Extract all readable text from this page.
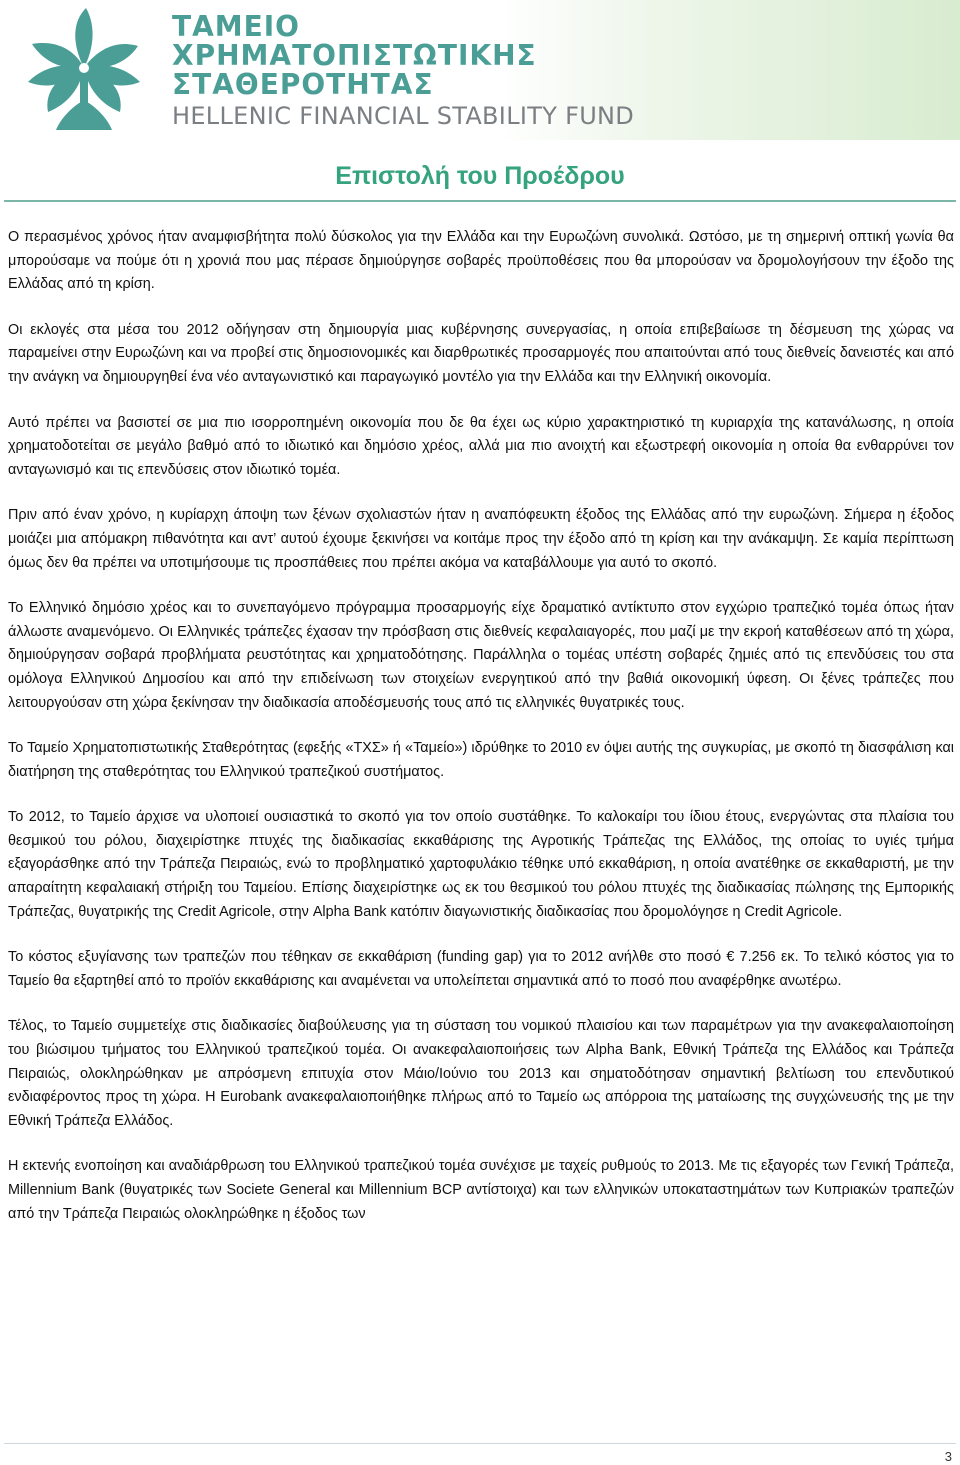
ΤΑΜΕΙΟ
ΧΡΗΜΑΤΟΠΙΣΤΩΤΙΚΗΣ
ΣΤΑΘΕΡΟΤΗΤΑΣ
HELLENIC FINANCIAL STABILITY FUND
Επιστολή του Προέδρου

Ο περασμένος χρόνος ήταν αναμφισβήτητα πολύ δύσκολος για την Ελλάδα και την Ευρωζώνη συνολικά. Ωστόσο, με τη σημερινή οπτική γωνία θα μπορούσαμε να πούμε ότι η χρονιά που μας πέρασε δημιούργησε σοβαρές προϋποθέσεις που θα μπορούσαν να δρομολογήσουν την έξοδο της Ελλάδας από τη κρίση.

Οι εκλογές στα μέσα του 2012 οδήγησαν στη δημιουργία μιας κυβέρνησης συνεργασίας, η οποία επιβεβαίωσε τη δέσμευση της χώρας να παραμείνει στην Ευρωζώνη και να προβεί στις δημοσιονομικές και διαρθρωτικές προσαρμογές που απαιτούνται από τους διεθνείς δανειστές και από την ανάγκη να δημιουργηθεί ένα νέο ανταγωνιστικό και παραγωγικό μοντέλο για την Ελλάδα και την Ελληνική οικονομία.

Αυτό πρέπει να βασιστεί σε μια πιο ισορροπημένη οικονομία που δε θα έχει ως κύριο χαρακτηριστικό τη κυριαρχία της κατανάλωσης, η οποία χρηματοδοτείται σε μεγάλο βαθμό από το ιδιωτικό και δημόσιο χρέος, αλλά μια πιο ανοιχτή και εξωστρεφή οικονομία η οποία θα ενθαρρύνει τον ανταγωνισμό και τις επενδύσεις στον ιδιωτικό τομέα.

Πριν από έναν χρόνο, η κυρίαρχη άποψη των ξένων σχολιαστών ήταν η αναπόφευκτη έξοδος της Ελλάδας από την ευρωζώνη. Σήμερα η έξοδος μοιάζει μια απόμακρη πιθανότητα και αντ’ αυτού έχουμε ξεκινήσει να κοιτάμε προς την έξοδο από τη κρίση και την ανάκαμψη. Σε καμία περίπτωση όμως δεν θα πρέπει να υποτιμήσουμε τις προσπάθειες που πρέπει ακόμα να καταβάλλουμε για αυτό το σκοπό.

Το Ελληνικό δημόσιο χρέος και το συνεπαγόμενο πρόγραμμα προσαρμογής είχε δραματικό αντίκτυπο στον εγχώριο τραπεζικό τομέα όπως ήταν άλλωστε αναμενόμενο. Οι Ελληνικές τράπεζες έχασαν την πρόσβαση στις διεθνείς κεφαλαιαγορές, που μαζί με την εκροή καταθέσεων από τη χώρα, δημιούργησαν σοβαρά προβλήματα ρευστότητας και χρηματοδότησης. Παράλληλα ο τομέας υπέστη σοβαρές ζημιές από τις επενδύσεις του στα ομόλογα Ελληνικού Δημοσίου και από την επιδείνωση των στοιχείων ενεργητικού από την βαθιά οικονομική ύφεση. Οι ξένες τράπεζες που λειτουργούσαν στη χώρα ξεκίνησαν την διαδικασία αποδέσμευσής τους από τις ελληνικές θυγατρικές τους.

Το Ταμείο Χρηματοπιστωτικής Σταθερότητας (εφεξής «ΤΧΣ» ή «Ταμείο») ιδρύθηκε το 2010 εν όψει αυτής της συγκυρίας, με σκοπό τη διασφάλιση και διατήρηση της σταθερότητας του Ελληνικού τραπεζικού συστήματος.

Το 2012, το Ταμείο άρχισε να υλοποιεί ουσιαστικά το σκοπό για τον οποίο συστάθηκε. Το καλοκαίρι του ίδιου έτους, ενεργώντας στα πλαίσια του θεσμικού του ρόλου, διαχειρίστηκε πτυχές της διαδικασίας εκκαθάρισης της Αγροτικής Τράπεζας της Ελλάδος, της οποίας το υγιές τμήμα εξαγοράσθηκε από την Τράπεζα Πειραιώς, ενώ το προβληματικό χαρτοφυλάκιο τέθηκε υπό εκκαθάριση, η οποία ανατέθηκε σε εκκαθαριστή, με την απαραίτητη κεφαλαιακή στήριξη του Ταμείου. Επίσης διαχειρίστηκε ως εκ του θεσμικού του ρόλου πτυχές της διαδικασίας πώλησης της Εμπορικής Τράπεζας, θυγατρικής της Credit Agricole, στην Alpha Bank κατόπιν διαγωνιστικής διαδικασίας που δρομολόγησε η Credit Agricole.

Το κόστος εξυγίανσης των τραπεζών που τέθηκαν σε εκκαθάριση (funding gap) για το 2012 ανήλθε στο ποσό € 7.256 εκ. Το τελικό κόστος για το Ταμείο θα εξαρτηθεί από το προϊόν εκκαθάρισης και αναμένεται να υπολείπεται σημαντικά από το ποσό που αναφέρθηκε ανωτέρω.

Τέλος, το Ταμείο συμμετείχε στις διαδικασίες διαβούλευσης για τη σύσταση του νομικού πλαισίου και των παραμέτρων για την ανακεφαλαιοποίηση του βιώσιμου τμήματος του Ελληνικού τραπεζικού τομέα. Οι ανακεφαλαιοποιήσεις των Alpha Bank, Εθνική Τράπεζα της Ελλάδος και Τράπεζα Πειραιώς, ολοκληρώθηκαν με απρόσμενη επιτυχία στον Μάιο/Ιούνιο του 2013 και σηματοδότησαν σημαντική βελτίωση του επενδυτικού ενδιαφέροντος προς τη χώρα. Η Eurobank ανακεφαλαιοποιήθηκε πλήρως από το Ταμείο ως απόρροια της ματαίωσης της συγχώνευσής της με την Εθνική Τράπεζα Ελλάδος.

Η εκτενής ενοποίηση και αναδιάρθρωση του Ελληνικού τραπεζικού τομέα συνέχισε με ταχείς ρυθμούς το 2013. Με τις εξαγορές των Γενική Τράπεζα, Millennium Bank (θυγατρικές των Societe General και Millennium BCP αντίστοιχα) και των ελληνικών υποκαταστημάτων των Κυπριακών τραπεζών από την Τράπεζα Πειραιώς ολοκληρώθηκε η έξοδος των

3
